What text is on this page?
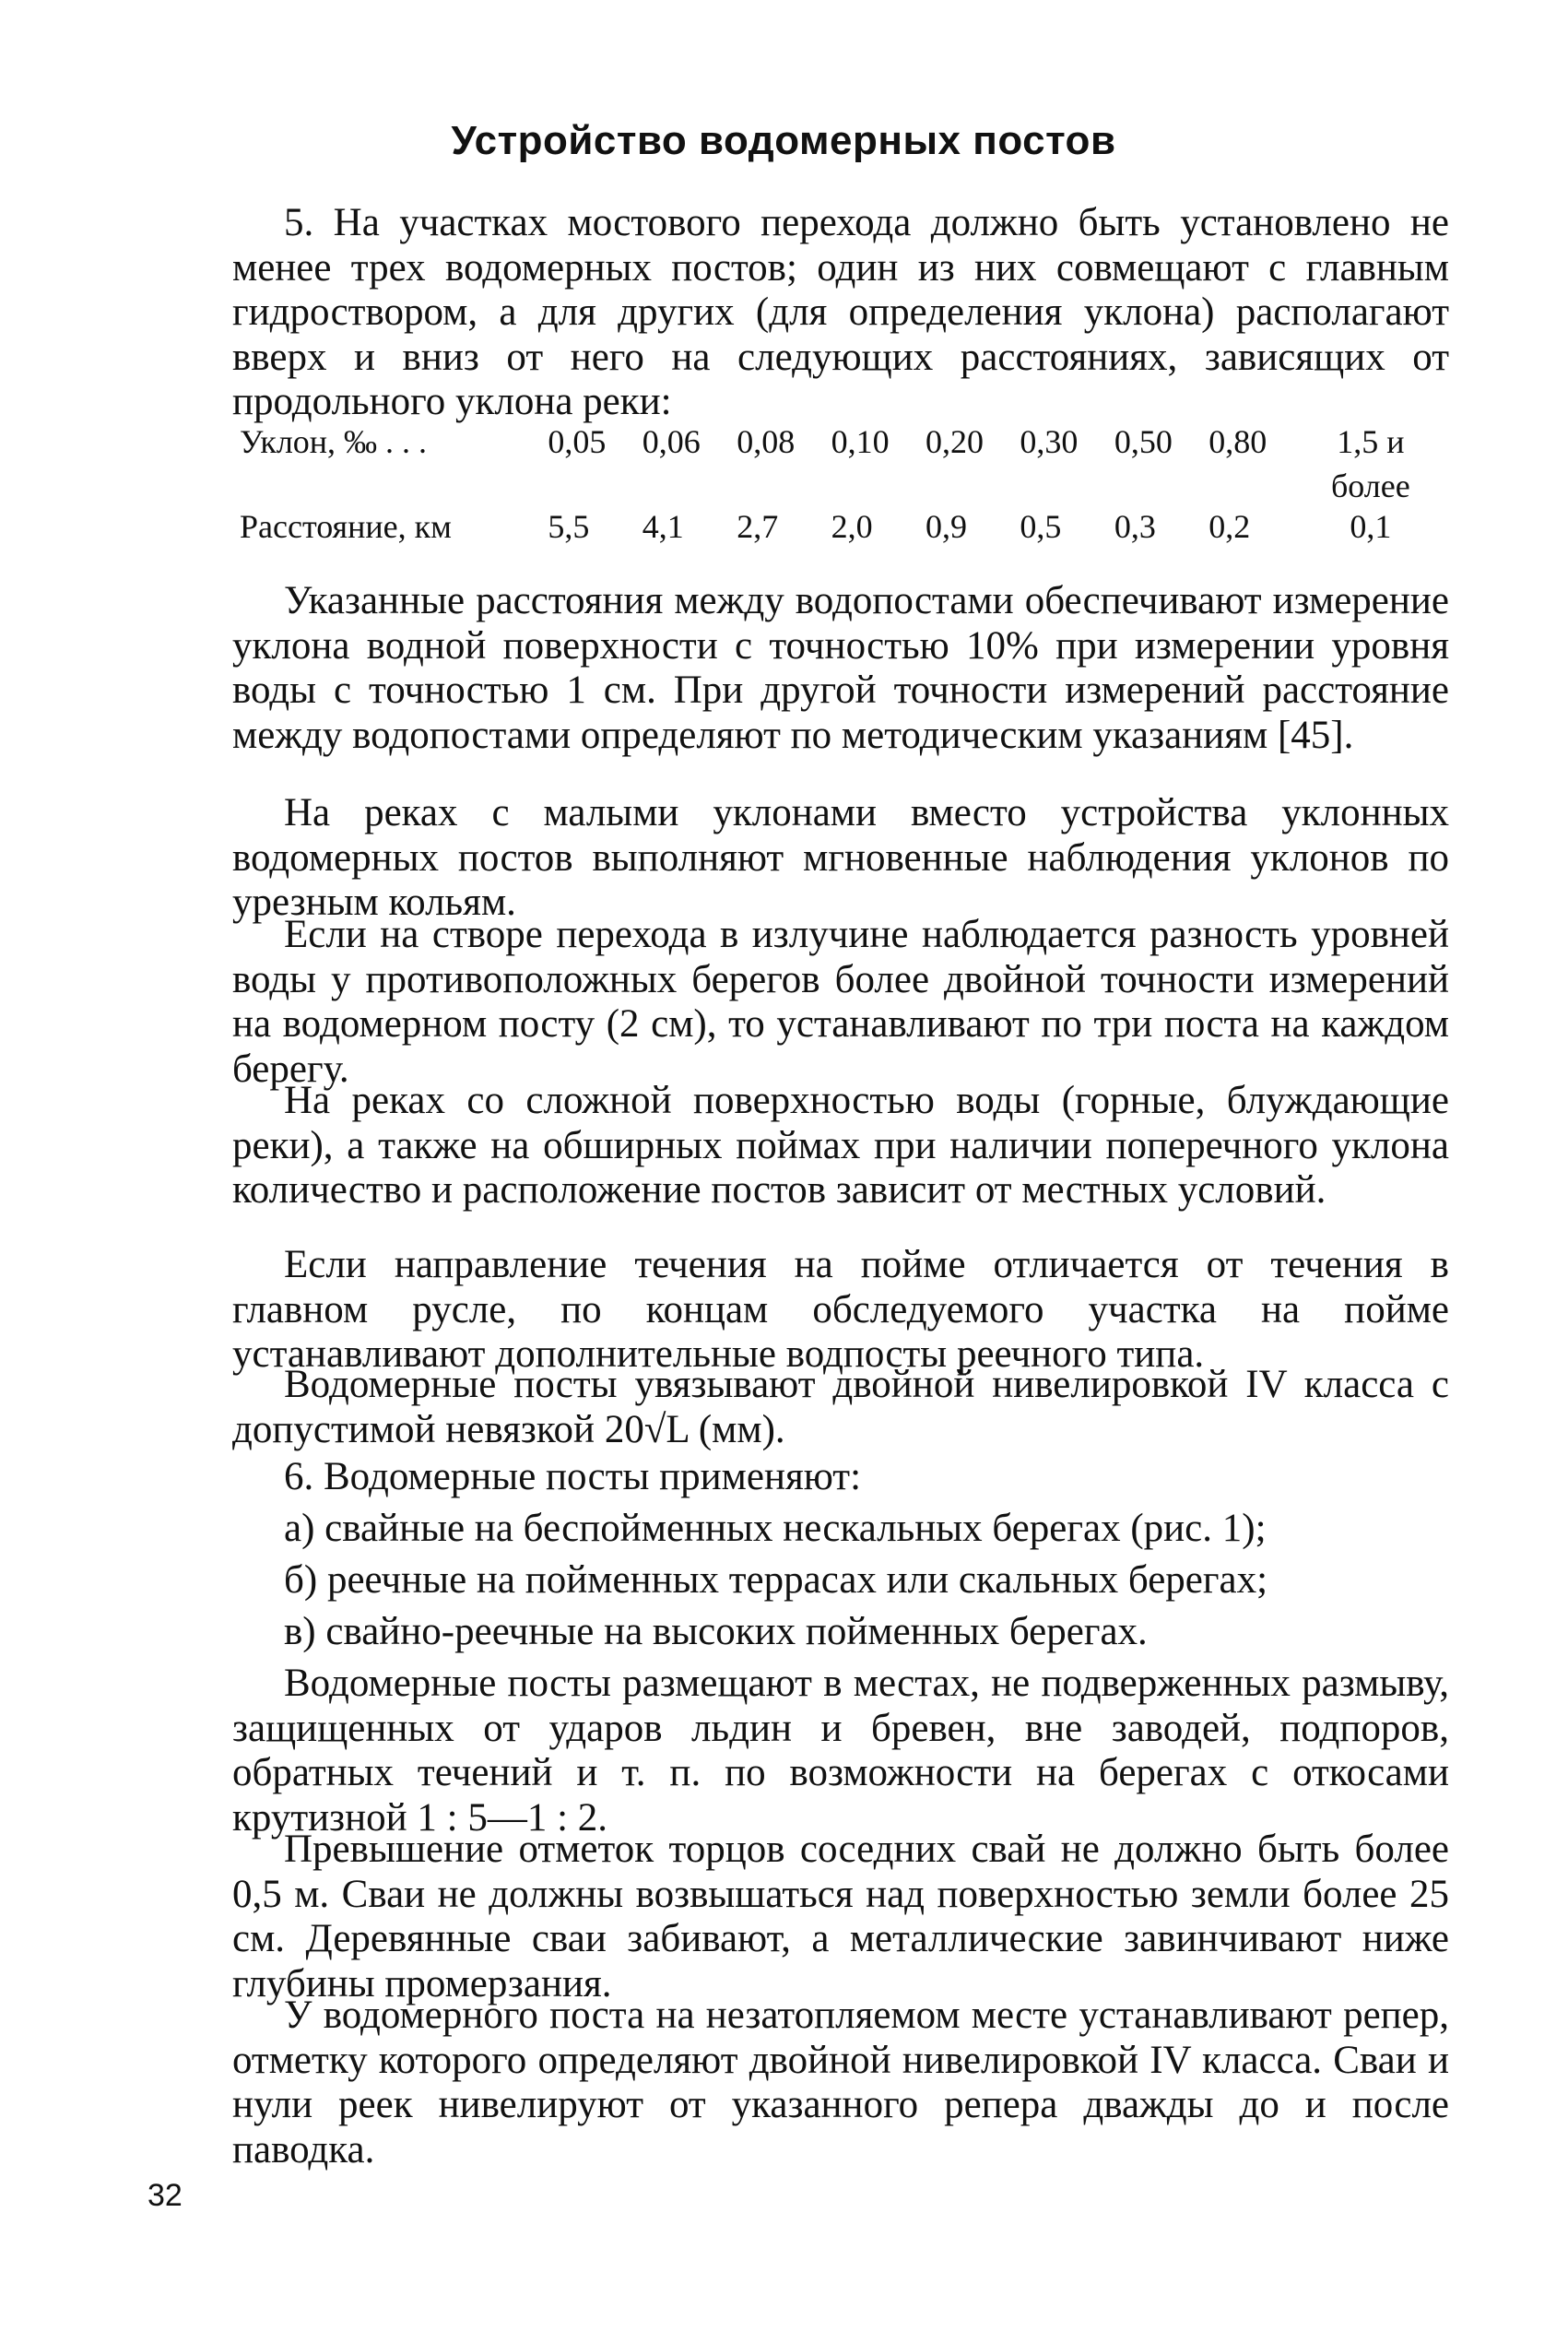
Устройство водомерных постов
5. На участках мостового перехода должно быть установлено не менее трех водомерных постов; один из них совмещают с главным гидроствором, а для других (для определения уклона) располагают вверх и вниз от него на следующих расстояниях, зависящих от продольного уклона реки:
Уклон, ‰ . . .	0,05	0,06	0,08	0,10	0,20	0,30	0,50	0,80	1,5 и
									более
Расстояние, км	5,5	4,1	2,7	2,0	0,9	0,5	0,3	0,2	0,1
Указанные расстояния между водопостами обеспечивают измерение уклона водной поверхности с точностью 10% при измерении уровня воды с точностью 1 см. При другой точности измерений расстояние между водопостами определяют по методическим указаниям [45].
На реках с малыми уклонами вместо устройства уклонных водомерных постов выполняют мгновенные наблюдения уклонов по урезным кольям.
Если на створе перехода в излучине наблюдается разность уровней воды у противоположных берегов более двойной точности измерений на водомерном посту (2 см), то устанавливают по три поста на каждом берегу.
На реках со сложной поверхностью воды (горные, блуждающие реки), а также на обширных поймах при наличии поперечного уклона количество и расположение постов зависит от местных условий.
Если направление течения на пойме отличается от течения в главном русле, по концам обследуемого участка на пойме устанавливают дополнительные водпосты реечного типа.
Водомерные посты увязывают двойной нивелировкой IV класса с допустимой невязкой 20√L (мм).
6. Водомерные посты применяют:
а) свайные на беспойменных нескальных берегах (рис. 1);
б) реечные на пойменных террасах или скальных берегах;
в) свайно-реечные на высоких пойменных берегах.
Водомерные посты размещают в местах, не подверженных размыву, защищенных от ударов льдин и бревен, вне заводей, подпоров, обратных течений и т. п. по возможности на берегах с откосами крутизной 1 : 5—1 : 2.
Превышение отметок торцов соседних свай не должно быть более 0,5 м. Сваи не должны возвышаться над поверхностью земли более 25 см. Деревянные сваи забивают, а металлические завинчивают ниже глубины промерзания.
У водомерного поста на незатопляемом месте устанавливают репер, отметку которого определяют двойной нивелировкой IV класса. Сваи и нули реек нивелируют от указанного репера дважды до и после паводка.
32
